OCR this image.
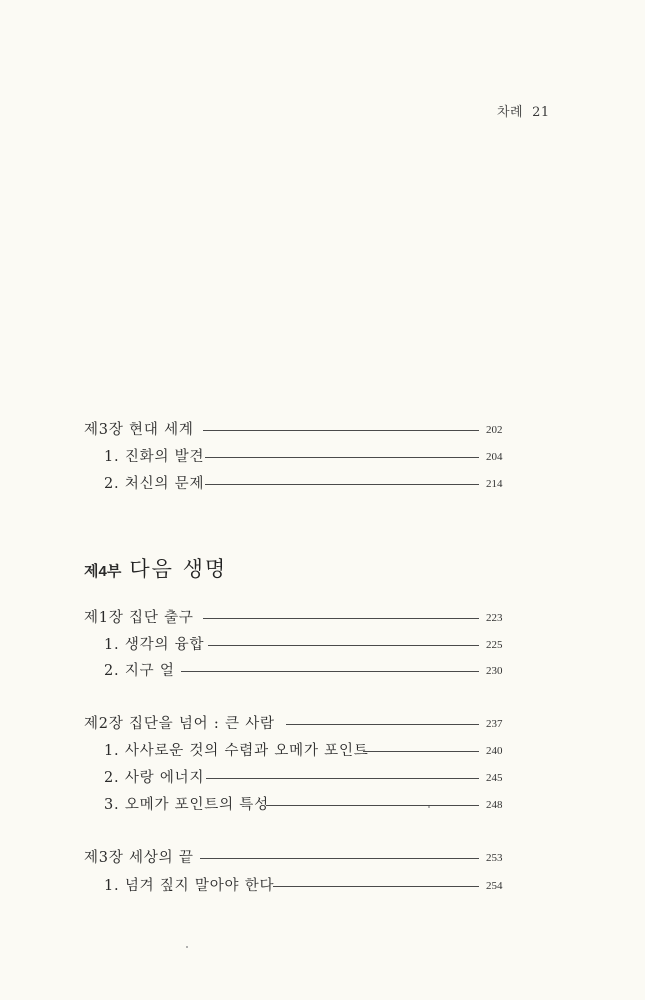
차례 21
제3장 현대 세계	202
1. 진화의 발견	204
2. 처신의 문제	214
제4부 다음 생명
제1장 집단 출구	223
1. 생각의 융합	225
2. 지구 얼	230
제2장 집단을 넘어 : 큰 사람	237
1. 사사로운 것의 수렴과 오메가 포인트	240
2. 사랑 에너지	245
3. 오메가 포인트의 특성	248
제3장 세상의 끝	253
1. 넘겨 짚지 말아야 한다	254
